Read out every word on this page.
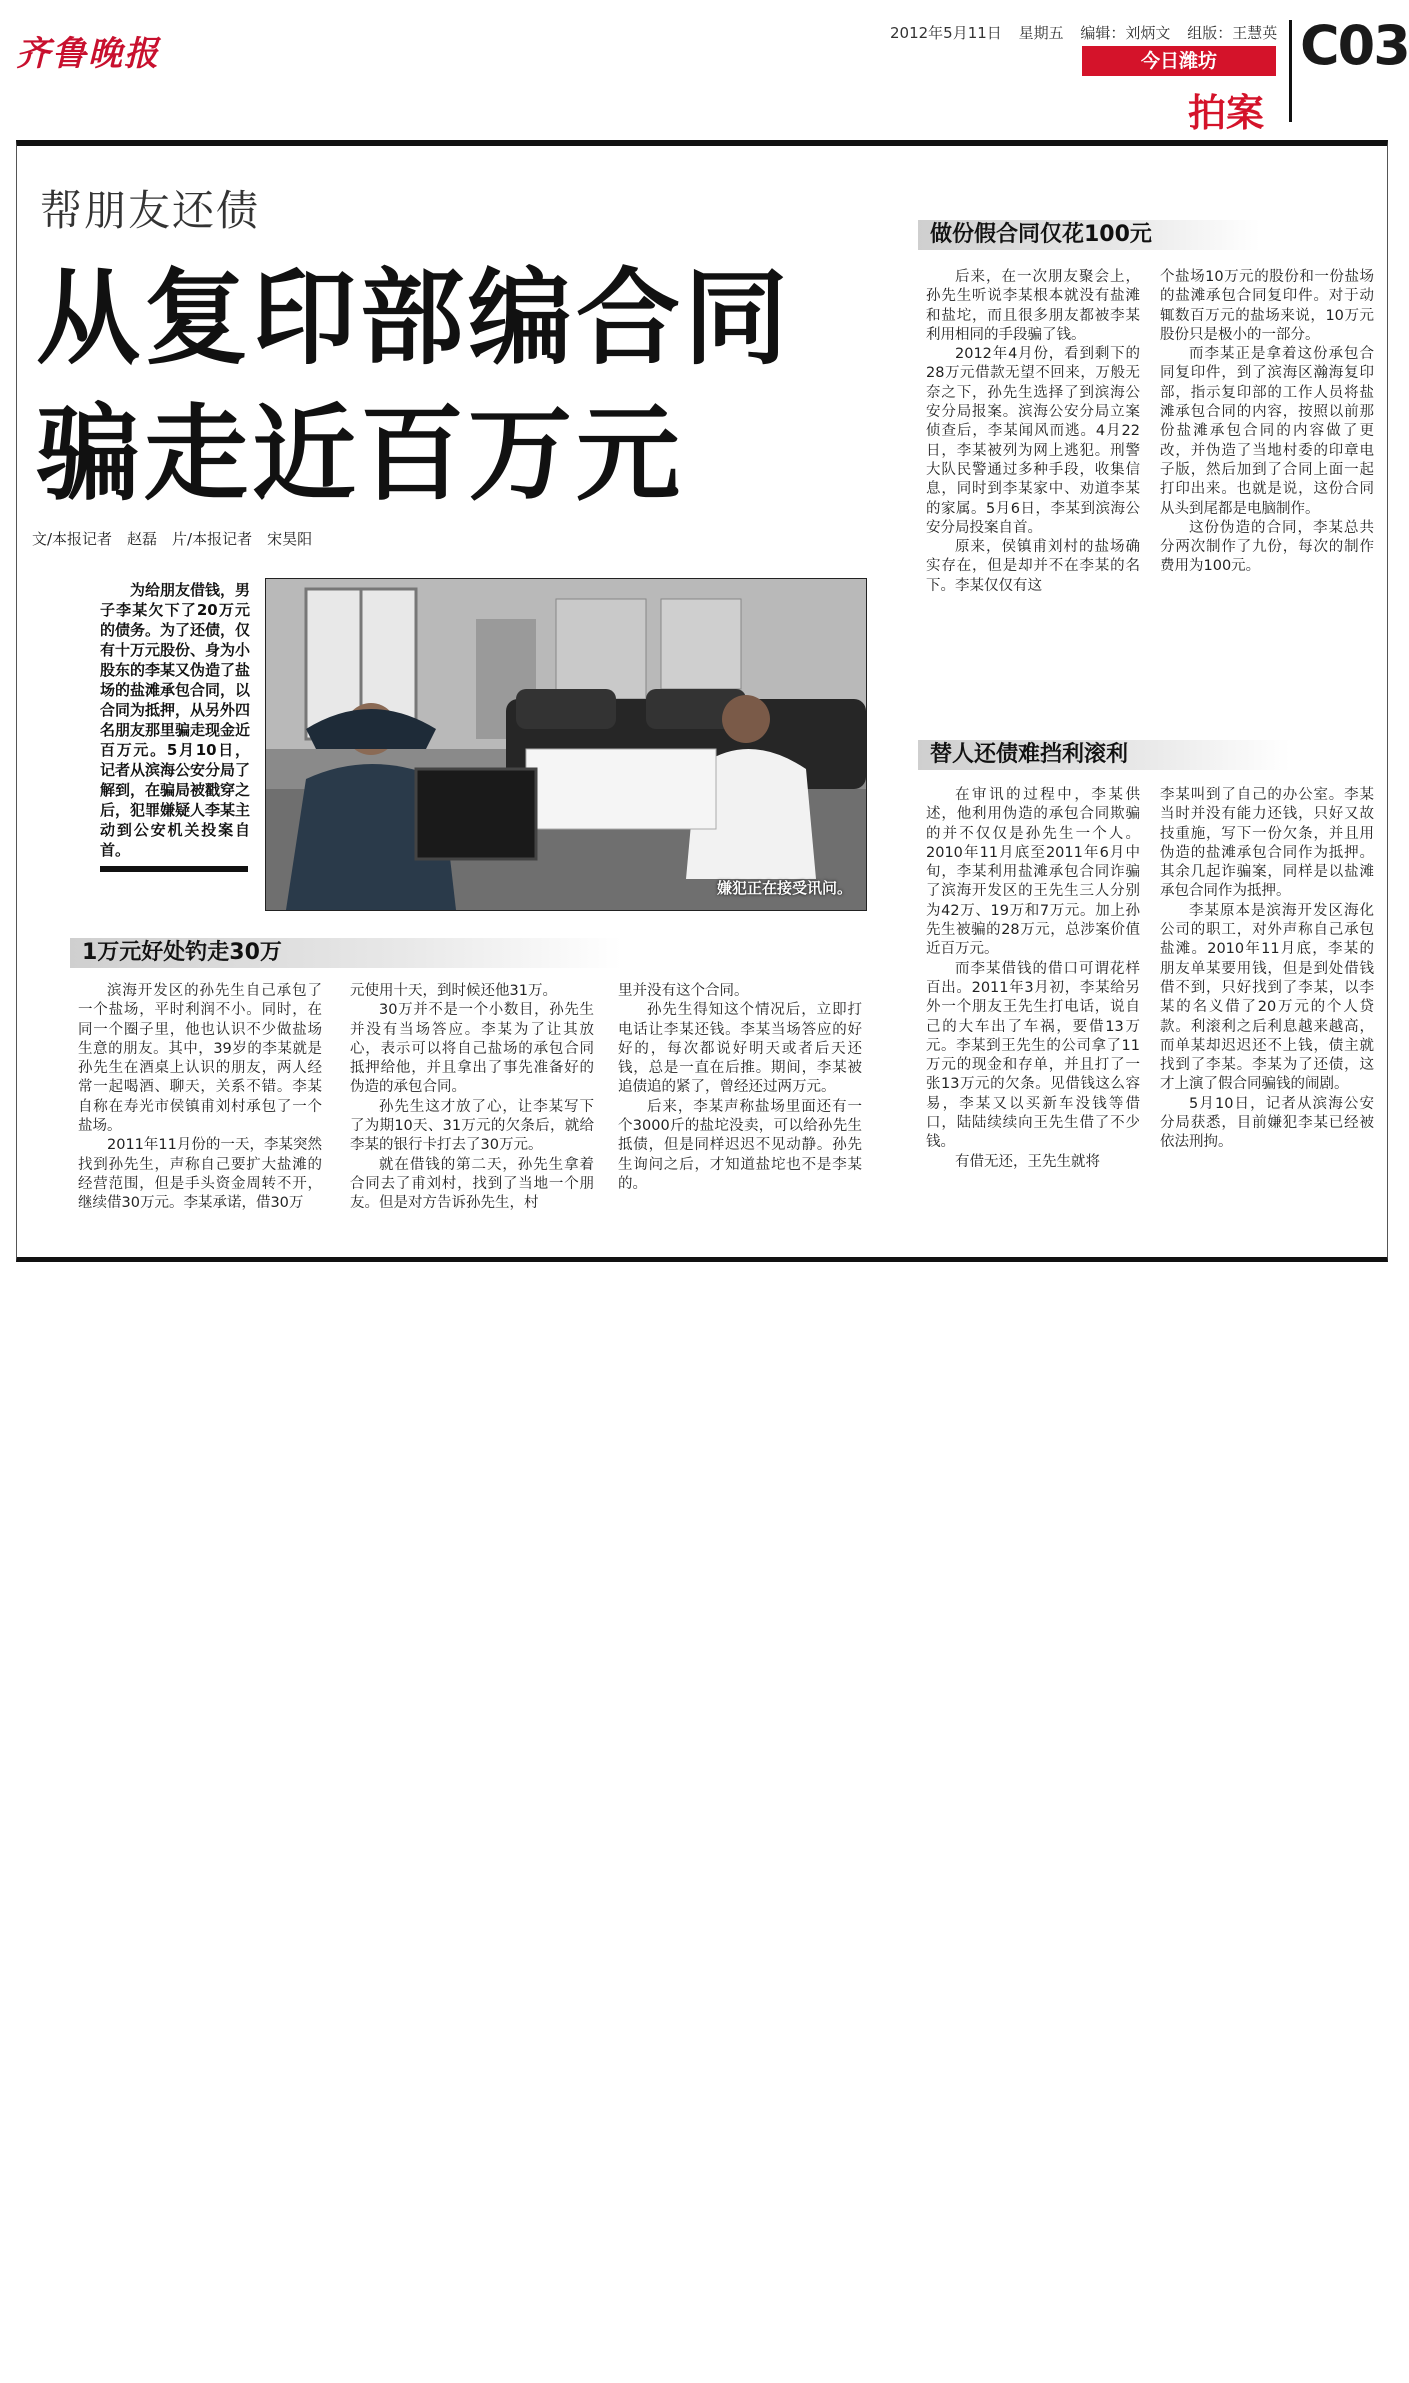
齐鲁晚报
2012年5月11日 星期五 编辑：刘炳文 组版：王慧英
今日潍坊
拍案
C03
帮朋友还债
从复印部编合同
骗走近百万元
文/本报记者　赵磊　片/本报记者　宋昊阳
为给朋友借钱，男子李某欠下了20万元的债务。为了还债，仅有十万元股份、身为小股东的李某又伪造了盐场的盐滩承包合同，以合同为抵押，从另外四名朋友那里骗走现金近百万元。5月10日，记者从滨海公安分局了解到，在骗局被戳穿之后，犯罪嫌疑人李某主动到公安机关投案自首。
嫌犯正在接受讯问。
1万元好处钓走30万

滨海开发区的孙先生自己承包了一个盐场，平时利润不小。同时，在同一个圈子里，他也认识不少做盐场生意的朋友。其中，39岁的李某就是孙先生在酒桌上认识的朋友，两人经常一起喝酒、聊天，关系不错。李某自称在寿光市侯镇甫刘村承包了一个盐场。

2011年11月份的一天，李某突然找到孙先生，声称自己要扩大盐滩的经营范围，但是手头资金周转不开，继续借30万元。李某承诺，借30万

元使用十天，到时候还他31万。

30万并不是一个小数目，孙先生并没有当场答应。李某为了让其放心，表示可以将自己盐场的承包合同抵押给他，并且拿出了事先准备好的伪造的承包合同。

孙先生这才放了心，让李某写下了为期10天、31万元的欠条后，就给李某的银行卡打去了30万元。

就在借钱的第二天，孙先生拿着合同去了甫刘村，找到了当地一个朋友。但是对方告诉孙先生，村

里并没有这个合同。

孙先生得知这个情况后，立即打电话让李某还钱。李某当场答应的好好的，每次都说好明天或者后天还钱，总是一直在后推。期间，李某被追债追的紧了，曾经还过两万元。

后来，李某声称盐场里面还有一个3000斤的盐坨没卖，可以给孙先生抵债，但是同样迟迟不见动静。孙先生询问之后，才知道盐坨也不是李某的。

做份假合同仅花100元

后来，在一次朋友聚会上，孙先生听说李某根本就没有盐滩和盐坨，而且很多朋友都被李某利用相同的手段骗了钱。

2012年4月份，看到剩下的28万元借款无望不回来，万般无奈之下，孙先生选择了到滨海公安分局报案。滨海公安分局立案侦查后，李某闻风而逃。4月22日，李某被列为网上逃犯。刑警大队民警通过多种手段，收集信息，同时到李某家中、劝道李某的家属。5月6日，李某到滨海公安分局投案自首。

原来，侯镇甫刘村的盐场确实存在，但是却并不在李某的名下。李某仅仅有这

个盐场10万元的股份和一份盐场的盐滩承包合同复印件。对于动辄数百万元的盐场来说，10万元股份只是极小的一部分。

而李某正是拿着这份承包合同复印件，到了滨海区瀚海复印部，指示复印部的工作人员将盐滩承包合同的内容，按照以前那份盐滩承包合同的内容做了更改，并伪造了当地村委的印章电子版，然后加到了合同上面一起打印出来。也就是说，这份合同从头到尾都是电脑制作。

这份伪造的合同，李某总共分两次制作了九份，每次的制作费用为100元。

替人还债难挡利滚利

在审讯的过程中，李某供述，他利用伪造的承包合同欺骗的并不仅仅是孙先生一个人。2010年11月底至2011年6月中旬，李某利用盐滩承包合同诈骗了滨海开发区的王先生三人分别为42万、19万和7万元。加上孙先生被骗的28万元，总涉案价值近百万元。

而李某借钱的借口可谓花样百出。2011年3月初，李某给另外一个朋友王先生打电话，说自己的大车出了车祸，要借13万元。李某到王先生的公司拿了11万元的现金和存单，并且打了一张13万元的欠条。见借钱这么容易，李某又以买新车没钱等借口，陆陆续续向王先生借了不少钱。

有借无还，王先生就将

李某叫到了自己的办公室。李某当时并没有能力还钱，只好又故技重施，写下一份欠条，并且用伪造的盐滩承包合同作为抵押。其余几起诈骗案，同样是以盐滩承包合同作为抵押。

李某原本是滨海开发区海化公司的职工，对外声称自己承包盐滩。2010年11月底，李某的朋友单某要用钱，但是到处借钱借不到，只好找到了李某，以李某的名义借了20万元的个人贷款。利滚利之后利息越来越高，而单某却迟迟还不上钱，债主就找到了李某。李某为了还债，这才上演了假合同骗钱的闹剧。

5月10日，记者从滨海公安分局获悉，目前嫌犯李某已经被依法刑拘。
